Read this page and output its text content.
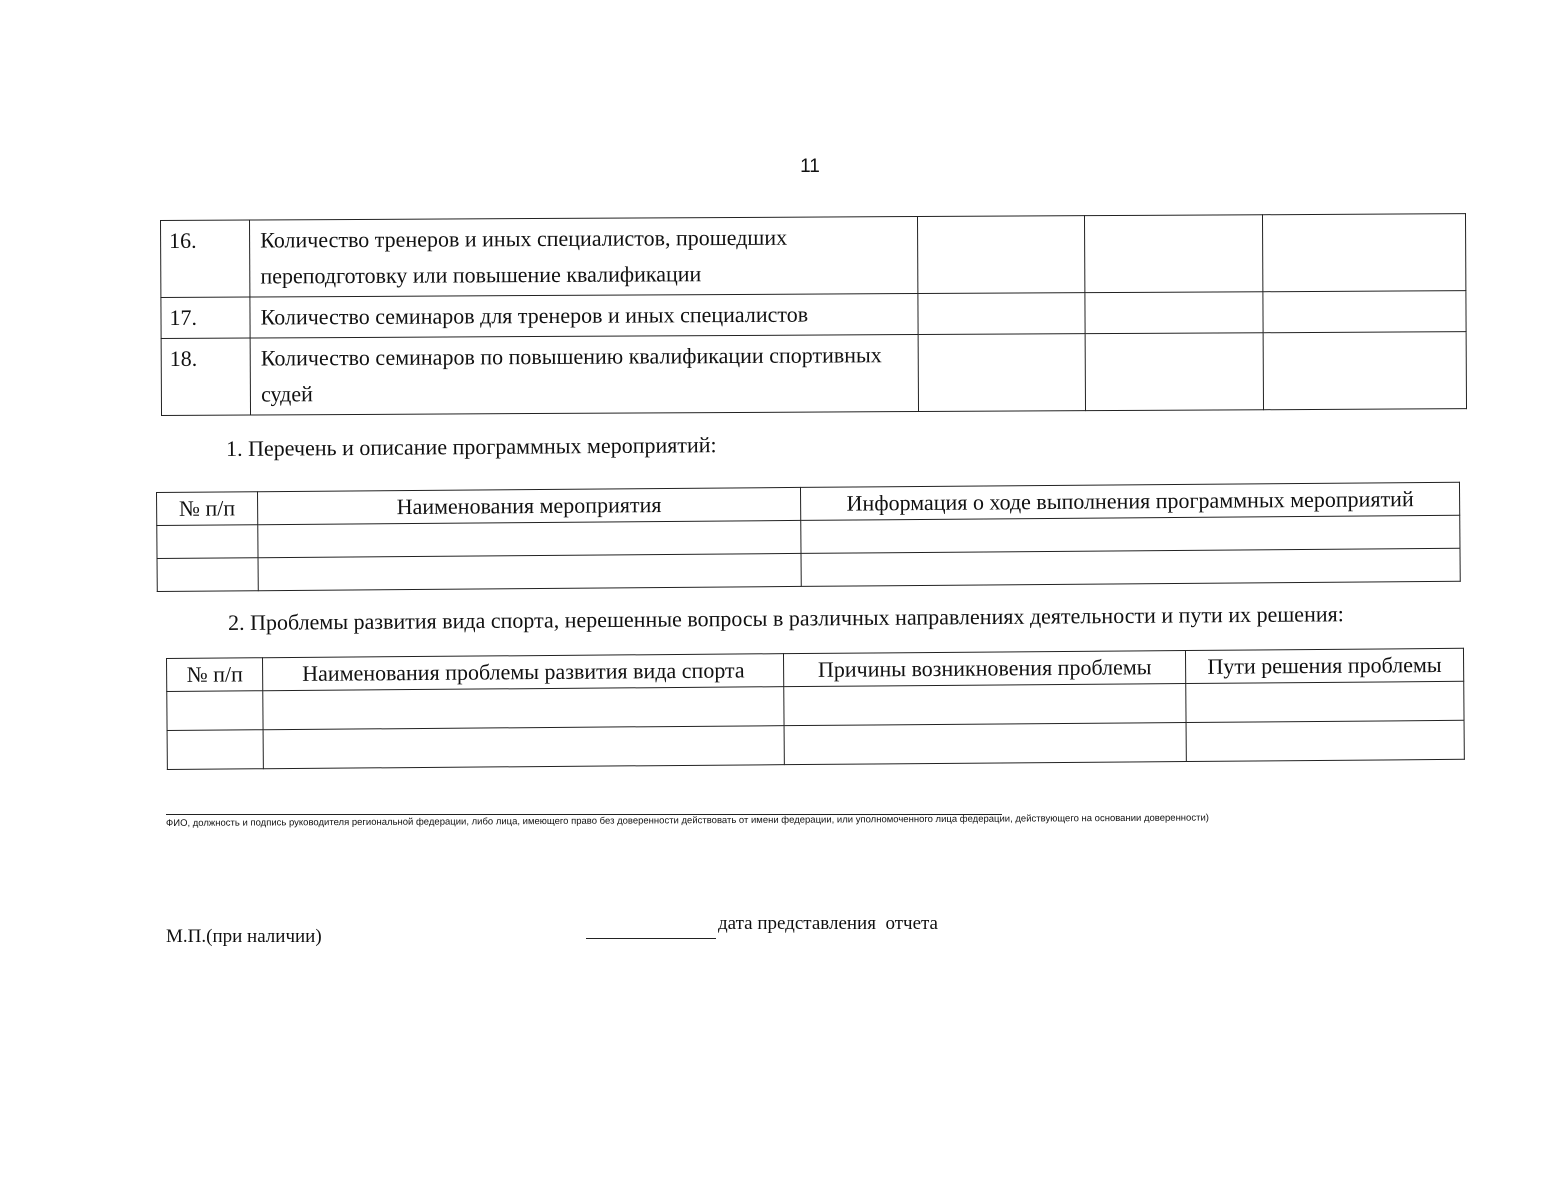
11
16.	Количество тренеров и иных специалистов, прошедших переподготовку или повышение квалификации			
17.	Количество семинаров для тренеров и иных специалистов			
18.	Количество семинаров по повышению квалификации спортивных судей			
1. Перечень и описание программных мероприятий:
№ п/п	Наименования мероприятия	Информация о ходе выполнения программных мероприятий

2. Проблемы развития вида спорта, нерешенные вопросы в различных направлениях деятельности и пути их решения:
№ п/п	Наименования проблемы развития вида спорта	Причины возникновения проблемы	Пути решения проблемы

ФИО, должность и подпись руководителя региональной федерации, либо лица, имеющего право без доверенности действовать от имени федерации, или уполномоченного лица федерации, действующего на основании доверенности)
М.П.(при наличии)
дата представления  отчета
